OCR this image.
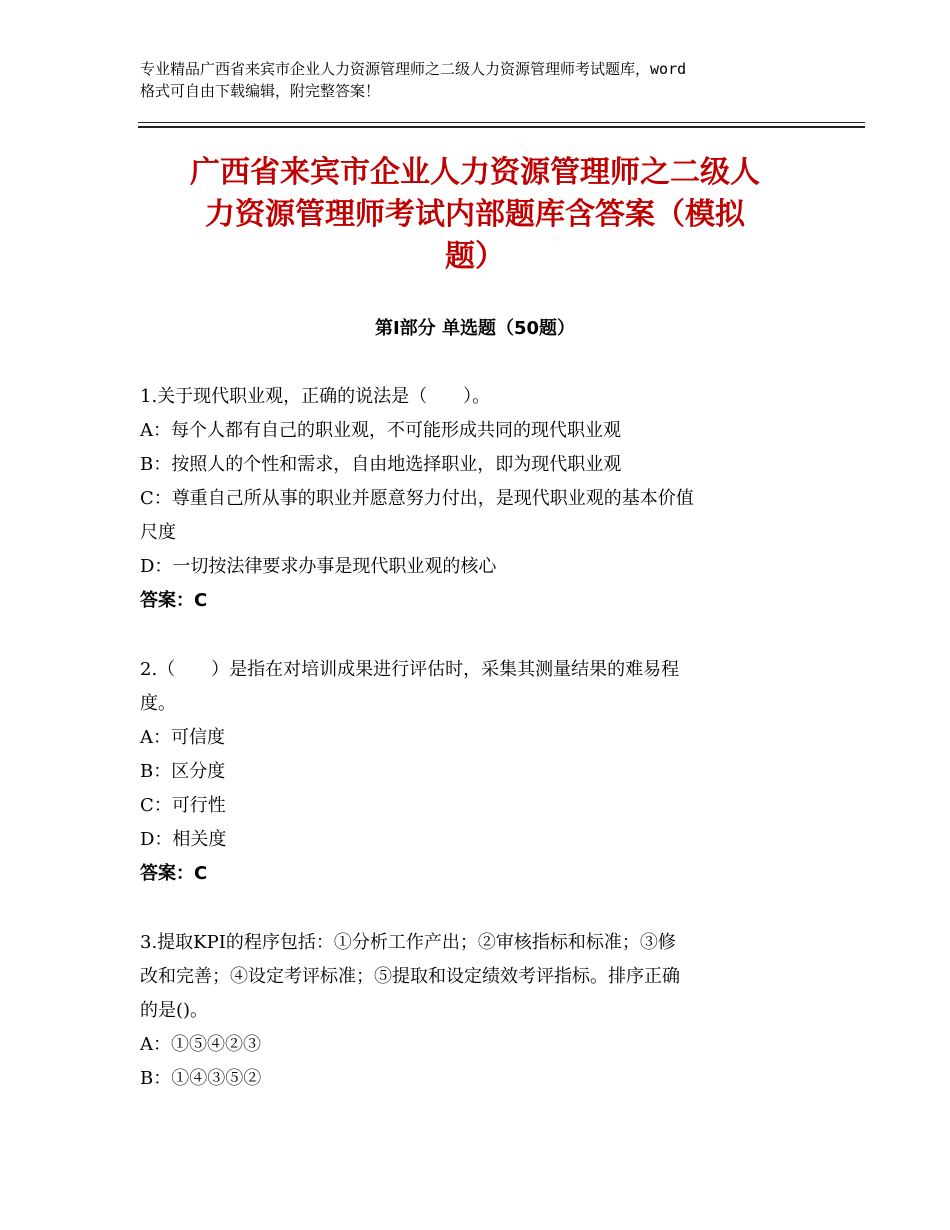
专业精品广西省来宾市企业人力资源管理师之二级人力资源管理师考试题库，word
格式可自由下载编辑，附完整答案！
广西省来宾市企业人力资源管理师之二级人
力资源管理师考试内部题库含答案（模拟
题）
第Ⅰ部分 单选题（50题）
1.关于现代职业观，正确的说法是（　　）。
A：每个人都有自己的职业观，不可能形成共同的现代职业观
B：按照人的个性和需求，自由地选择职业，即为现代职业观
C：尊重自己所从事的职业并愿意努力付出，是现代职业观的基本价值
尺度
D：一切按法律要求办事是现代职业观的核心
答案：C
2.（　　）是指在对培训成果进行评估时，采集其测量结果的难易程
度。
A：可信度
B：区分度
C：可行性
D：相关度
答案：C
3.提取KPI的程序包括：①分析工作产出；②审核指标和标准；③修
改和完善；④设定考评标准；⑤提取和设定绩效考评指标。排序正确
的是()。
A：①⑤④②③
B：①④③⑤②
